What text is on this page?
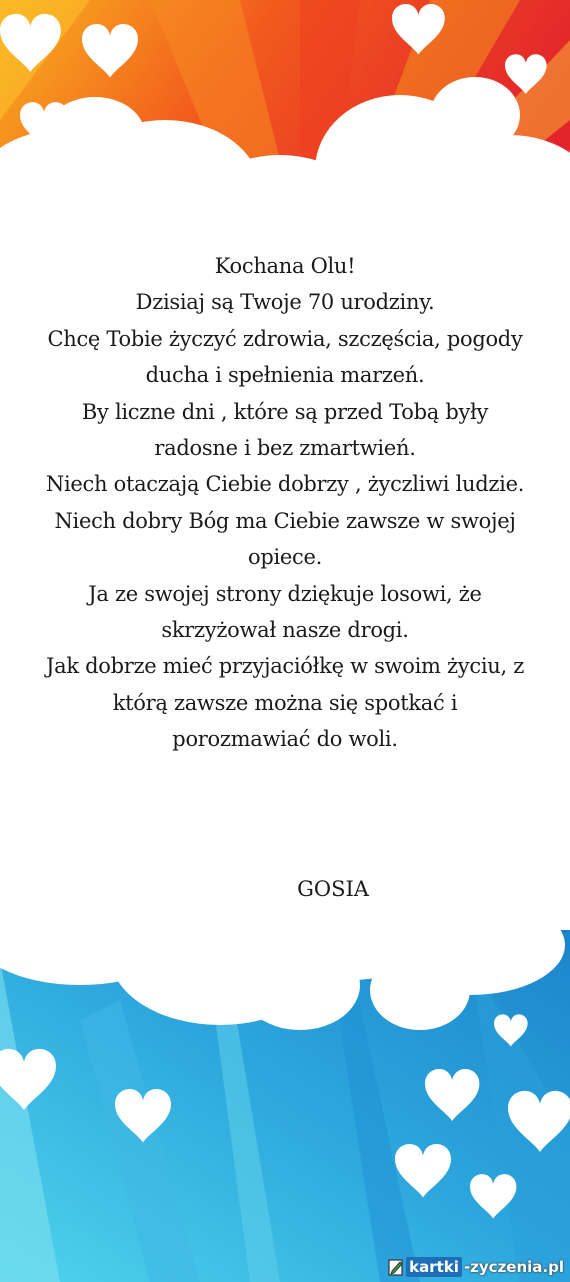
Kochana Olu!
Dzisiaj są Twoje 70 urodziny.
Chcę Tobie życzyć zdrowia, szczęścia, pogody
ducha i spełnienia marzeń.
By liczne dni , które są przed Tobą były
radosne i bez zmartwień.
Niech otaczają Ciebie dobrzy , życzliwi ludzie.
Niech dobry Bóg ma Ciebie zawsze w swojej
opiece.
Ja ze swojej strony dziękuje losowi, że
skrzyżował nasze drogi.
Jak dobrze mieć przyjaciółkę w swoim życiu, z
którą zawsze można się spotkać i
porozmawiać do woli.
GOSIA
kartki -zyczenia.pl
